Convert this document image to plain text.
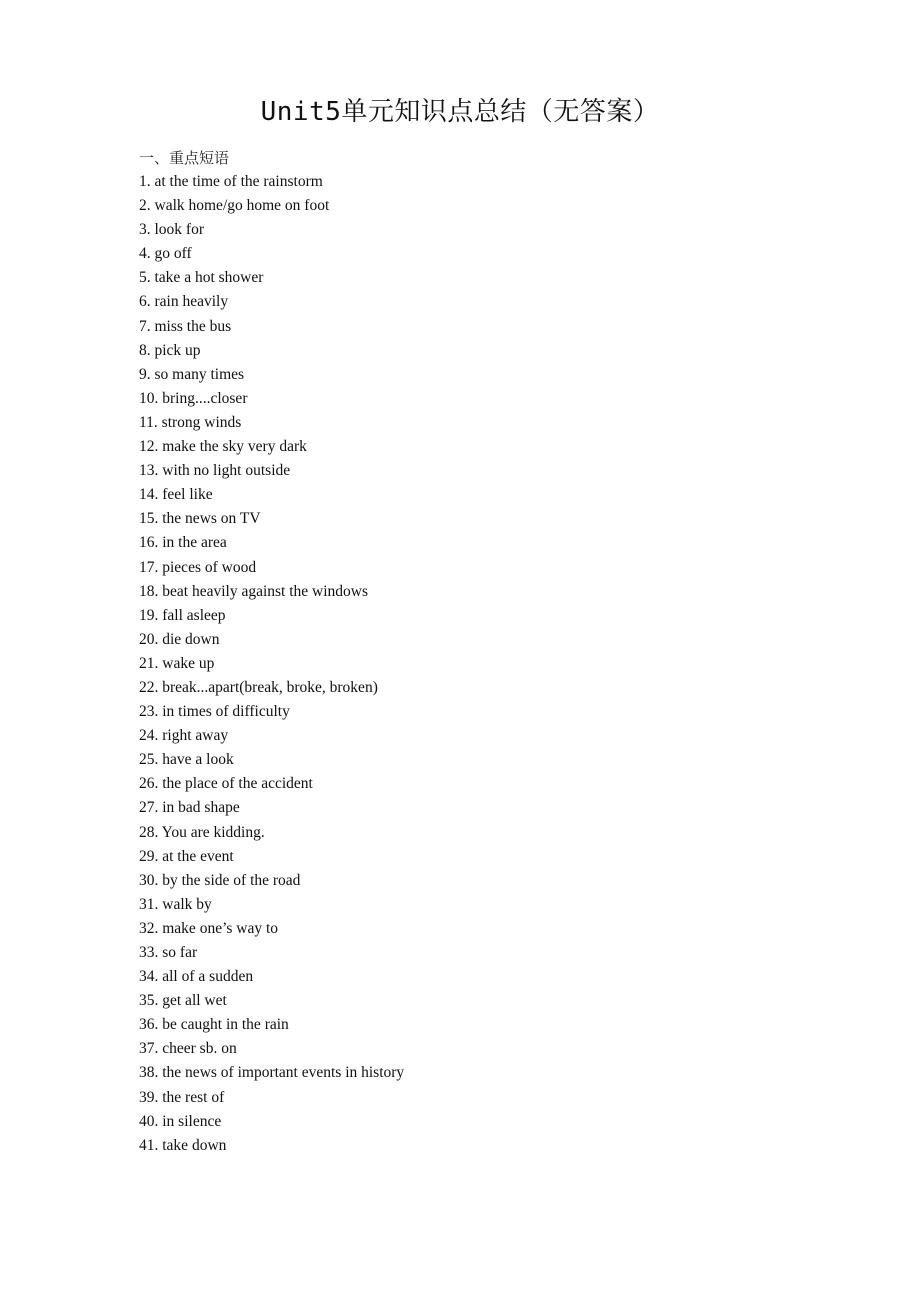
Unit5单元知识点总结（无答案）
一、重点短语
1. at the time of the rainstorm
2. walk home/go home on foot
3. look for
4. go off
5. take a hot shower
6. rain heavily
7. miss the bus
8. pick up
9. so many times
10. bring....closer
11. strong winds
12. make the sky very dark
13. with no light outside
14. feel like
15. the news on TV
16. in the area
17. pieces of wood
18. beat heavily against the windows
19. fall asleep
20. die down
21. wake up
22. break...apart(break, broke, broken)
23. in times of difficulty
24. right away
25. have a look
26. the place of the accident
27. in bad shape
28. You are kidding.
29. at the event
30. by the side of the road
31. walk by
32. make one’s way to
33. so far
34. all of a sudden
35. get all wet
36. be caught in the rain
37. cheer sb. on
38. the news of important events in history
39. the rest of
40. in silence
41. take down
